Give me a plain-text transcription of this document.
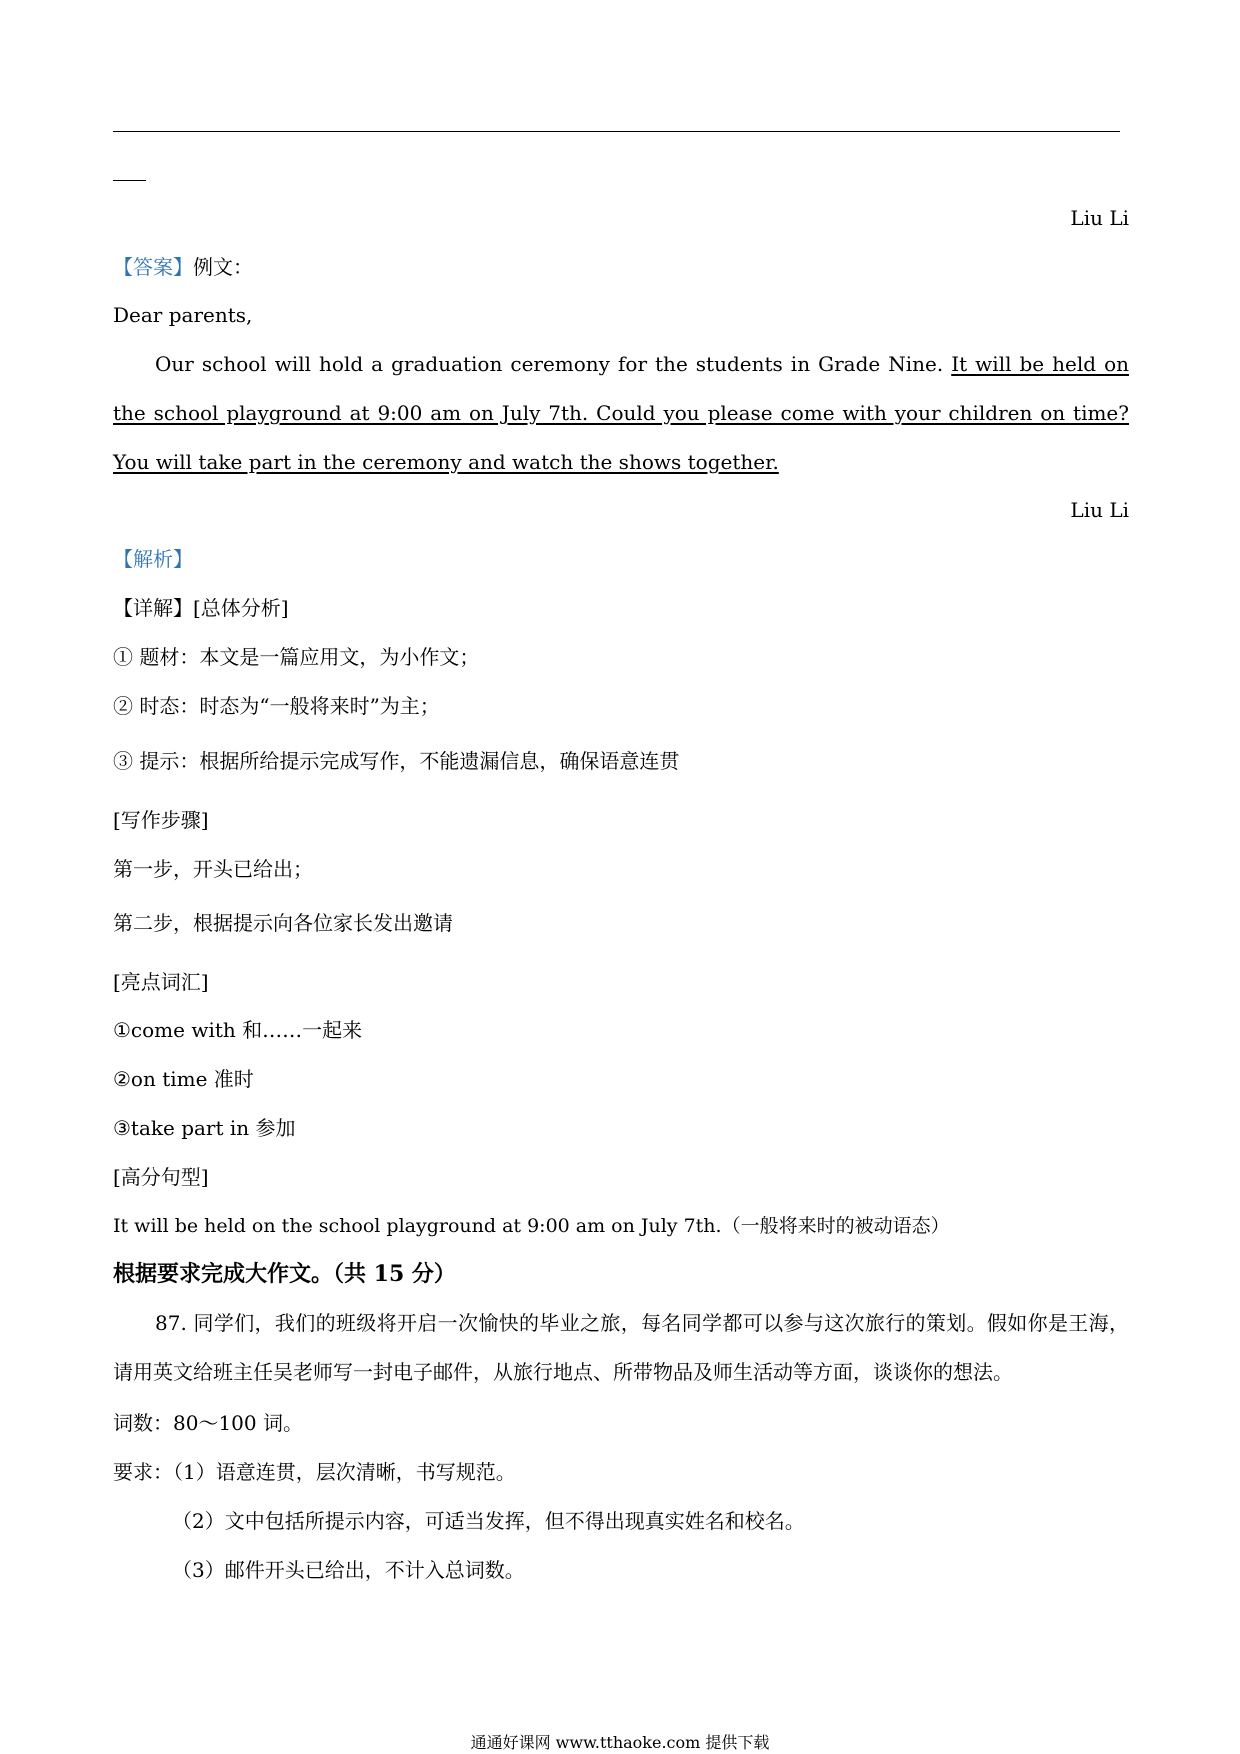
Liu Li
【答案】例文：
Dear parents,
Our school will hold a graduation ceremony for the students in Grade Nine. It will be held on the school playground at 9:00 am on July 7th. Could you please come with your children on time? You will take part in the ceremony and watch the shows together.
Liu Li
【解析】
【详解】[总体分析]
① 题材：本文是一篇应用文，为小作文；
② 时态：时态为“一般将来时”为主；
③ 提示：根据所给提示完成写作，不能遗漏信息，确保语意连贯
[写作步骤]
第一步，开头已给出；
第二步，根据提示向各位家长发出邀请
[亮点词汇]
①come with 和……一起来
②on time 准时
③take part in 参加
[高分句型]
It will be held on the school playground at 9:00 am on July 7th.（一般将来时的被动语态）
根据要求完成大作文。（共 15 分）
87. 同学们，我们的班级将开启一次愉快的毕业之旅，每名同学都可以参与这次旅行的策划。假如你是王海，请用英文给班主任吴老师写一封电子邮件，从旅行地点、所带物品及师生活动等方面，谈谈你的想法。
词数：80～100 词。
要求：（1）语意连贯，层次清晰，书写规范。
（2）文中包括所提示内容，可适当发挥，但不得出现真实姓名和校名。
（3）邮件开头已给出，不计入总词数。
通通好课网 www.tthaoke.com 提供下载
